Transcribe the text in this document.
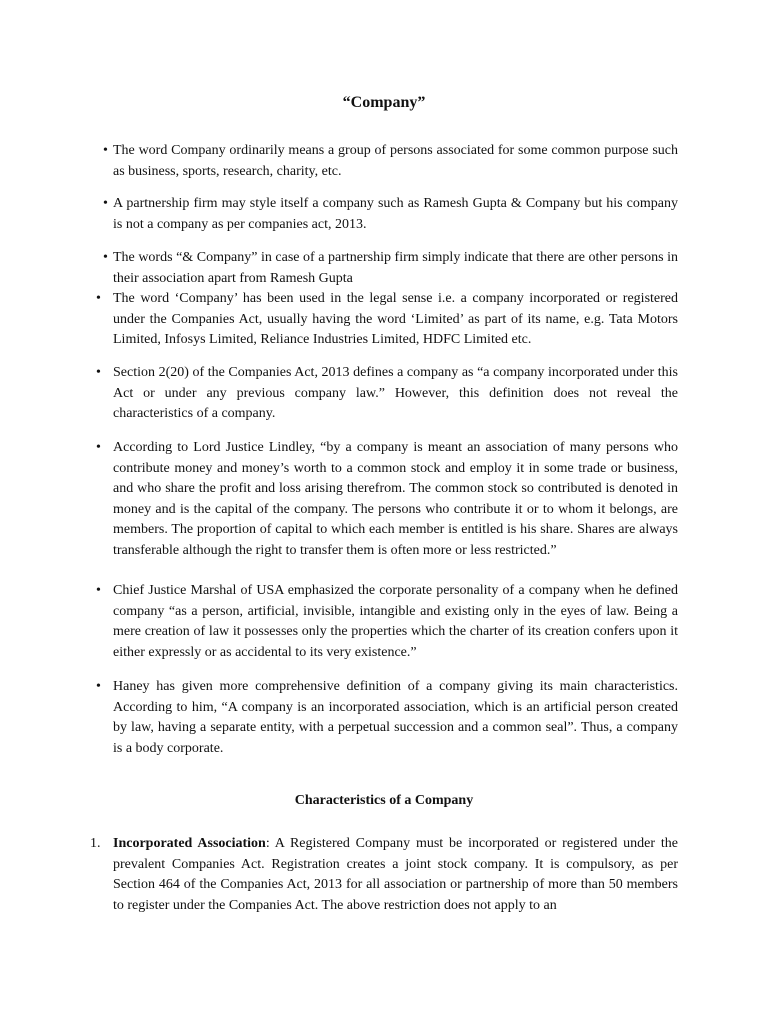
“Company”
• The word Company ordinarily means a group of persons associated for some common purpose such as business, sports, research, charity, etc.

• A partnership firm may style itself a company such as Ramesh Gupta & Company but his company is not a company as per companies act, 2013.

• The words “& Company” in case of a partnership firm simply indicate that there are other persons in their association apart from Ramesh Gupta

• The word ‘Company’ has been used in the legal sense i.e. a company incorporated or registered under the Companies Act, usually having the word ‘Limited’ as part of its name, e.g. Tata Motors Limited, Infosys Limited, Reliance Industries Limited, HDFC Limited etc.

• Section 2(20) of the Companies Act, 2013 defines a company as “a company incorporated under this Act or under any previous company law.” However, this definition does not reveal the characteristics of a company.

• According to Lord Justice Lindley, “by a company is meant an association of many persons who contribute money and money’s worth to a common stock and employ it in some trade or business, and who share the profit and loss arising therefrom. The common stock so contributed is denoted in money and is the capital of the company. The persons who contribute it or to whom it belongs, are members. The proportion of capital to which each member is entitled is his share. Shares are always transferable although the right to transfer them is often more or less restricted.”

• Chief Justice Marshal of USA emphasized the corporate personality of a company when he defined company “as a person, artificial, invisible, intangible and existing only in the eyes of law. Being a mere creation of law it possesses only the properties which the charter of its creation confers upon it either expressly or as accidental to its very existence.”

• Haney has given more comprehensive definition of a company giving its main characteristics. According to him, “A company is an incorporated association, which is an artificial person created by law, having a separate entity, with a perpetual succession and a common seal”. Thus, a company is a body corporate.

Characteristics of a Company
1. Incorporated Association: A Registered Company must be incorporated or registered under the prevalent Companies Act. Registration creates a joint stock company. It is compulsory, as per Section 464 of the Companies Act, 2013 for all association or partnership of more than 50 members to register under the Companies Act. The above restriction does not apply to an
